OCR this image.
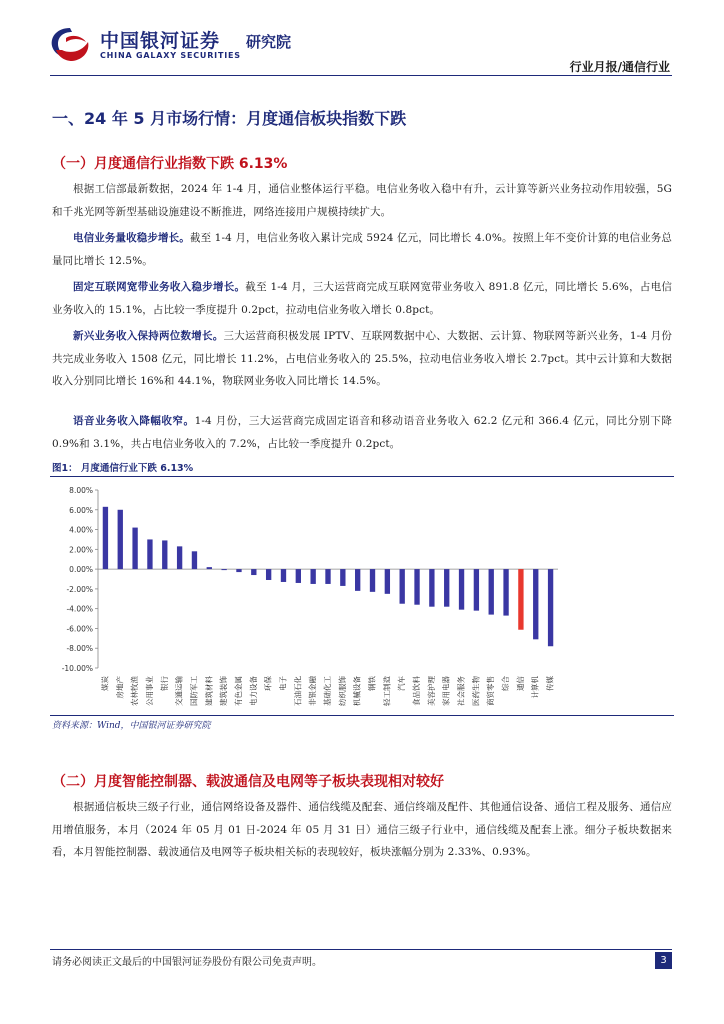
中国银河证券 研究院
CHINA GALAXY SECURITIES
行业月报/通信行业
一、24 年 5 月市场行情：月度通信板块指数下跌
（一）月度通信行业指数下跌 6.13%
根据工信部最新数据，2024 年 1-4 月，通信业整体运行平稳。电信业务收入稳中有升，云计算等新兴业务拉动作用较强，5G 和千兆光网等新型基础设施建设不断推进，网络连接用户规模持续扩大。
电信业务量收稳步增长。截至 1-4 月，电信业务收入累计完成 5924 亿元，同比增长 4.0%。按照上年不变价计算的电信业务总量同比增长 12.5%。
固定互联网宽带业务收入稳步增长。截至 1-4 月，三大运营商完成互联网宽带业务收入 891.8 亿元，同比增长 5.6%，占电信业务收入的 15.1%，占比较一季度提升 0.2pct，拉动电信业务收入增长 0.8pct。
新兴业务收入保持两位数增长。三大运营商积极发展 IPTV、互联网数据中心、大数据、云计算、物联网等新兴业务，1-4 月份共完成业务收入 1508 亿元，同比增长 11.2%，占电信业务收入的 25.5%，拉动电信业务收入增长 2.7pct。其中云计算和大数据收入分别同比增长 16%和 44.1%，物联网业务收入同比增长 14.5%。
语音业务收入降幅收窄。1-4 月份，三大运营商完成固定语音和移动语音业务收入 62.2 亿元和 366.4 亿元，同比分别下降 0.9%和 3.1%，共占电信业务收入的 7.2%，占比较一季度提升 0.2pct。
图1： 月度通信行业下跌 6.13%
8.00%
6.00%
4.00%
2.00%
0.00%
-2.00%
-4.00%
-6.00%
-8.00%
-10.00%
煤炭 房地产 农林牧渔 公用事业 银行 交通运输 国防军工 建筑材料 建筑装饰 有色金属 电力设备 环保 电子 石油石化 非银金融 基础化工 纺织服饰 机械设备 钢铁 轻工制造 汽车 食品饮料 美容护理 家用电器 社会服务 医药生物 商贸零售 综合 通信 计算机 传媒
资料来源：Wind，中国银河证券研究院
（二）月度智能控制器、载波通信及电网等子板块表现相对较好
根据通信板块三级子行业，通信网络设备及器件、通信线缆及配套、通信终端及配件、其他通信设备、通信工程及服务、通信应用增值服务，本月（2024 年 05 月 01 日-2024 年 05 月 31 日）通信三级子行业中，通信线缆及配套上涨。细分子板块数据来看，本月智能控制器、载波通信及电网等子板块相关标的表现较好，板块涨幅分别为 2.33%、0.93%。
请务必阅读正文最后的中国银河证券股份有限公司免责声明。	3
